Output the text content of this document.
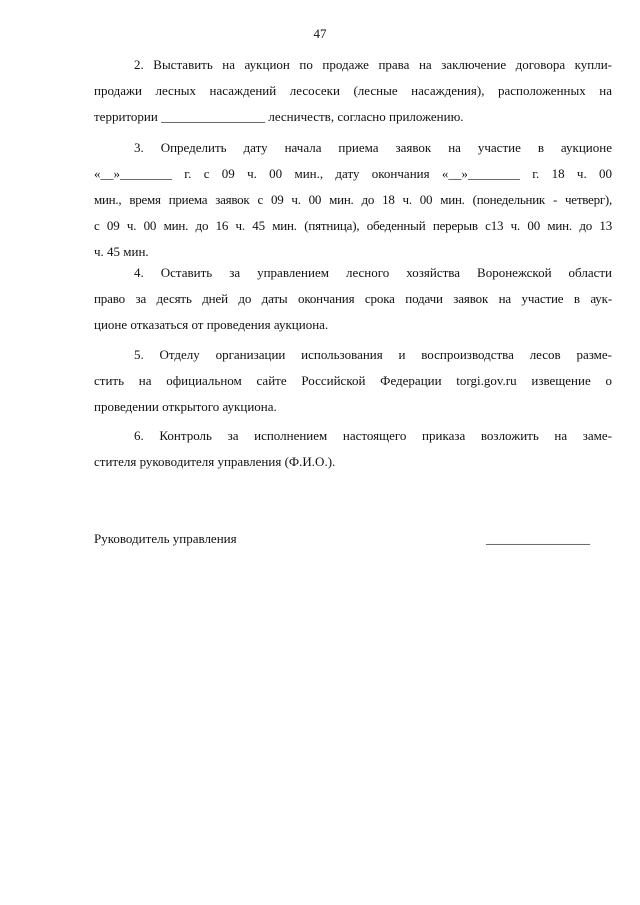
47
2. Выставить на аукцион по продаже права на заключение договора купли-
продажи лесных насаждений лесосеки (лесные насаждения), расположенных на
территории ________________ лесничеств, согласно приложению.
3. Определить дату начала приема заявок на участие в аукционе
«__»________ г. с 09 ч. 00 мин., дату окончания «__»________ г. 18 ч. 00
мин., время приема заявок с 09 ч. 00 мин. до 18 ч. 00 мин. (понедельник - четверг),
с 09 ч. 00 мин. до 16 ч. 45 мин. (пятница), обеденный перерыв с13 ч. 00 мин. до 13
ч. 45 мин.
4. Оставить за управлением лесного хозяйства Воронежской области
право за десять дней до даты окончания срока подачи заявок на участие в аук-
ционе отказаться от проведения аукциона.
5. Отделу организации использования и воспроизводства лесов разме-
стить на официальном сайте Российской Федерации torgi.gov.ru извещение о
проведении открытого аукциона.
6. Контроль за исполнением настоящего приказа возложить на заме-
стителя руководителя управления (Ф.И.О.).
Руководитель управления	________________
